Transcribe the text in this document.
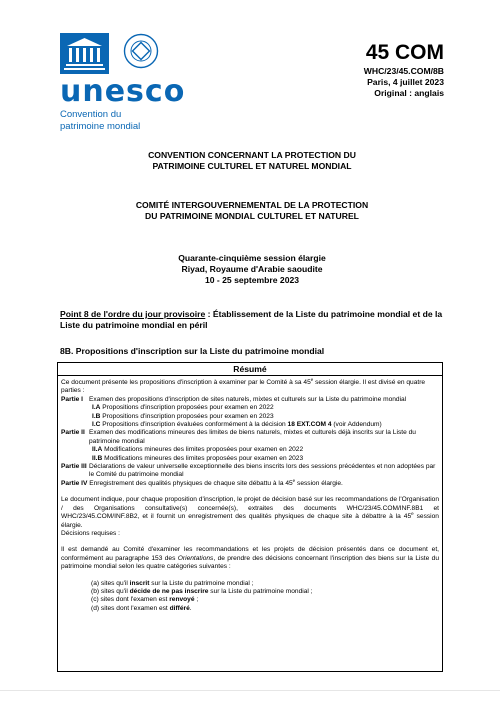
unesco
Convention du
patrimoine mondial
45 COM
WHC/23/45.COM/8B
Paris, 4 juillet 2023
Original : anglais
CONVENTION CONCERNANT LA PROTECTION DU
PATRIMOINE CULTUREL ET NATUREL MONDIAL
COMITÉ INTERGOUVERNEMENTAL DE LA PROTECTION
DU PATRIMOINE MONDIAL CULTUREL ET NATUREL
Quarante-cinquième session élargie
Riyad, Royaume d'Arabie saoudite
10 - 25 septembre 2023
Point 8 de l'ordre du jour provisoire : Établissement de la Liste du patrimoine mondial et de la Liste du patrimoine mondial en péril
8B. Propositions d'inscription sur la Liste du patrimoine mondial
Résumé
Ce document présente les propositions d'inscription à examiner par le Comité à sa 45e session élargie. Il est divisé en quatre parties :
Partie I Examen des propositions d'inscription de sites naturels, mixtes et culturels sur la Liste du patrimoine mondial
I.A Propositions d'inscription proposées pour examen en 2022
I.B Propositions d'inscription proposées pour examen en 2023
I.C Propositions d'inscription évaluées conformément à la décision 18 EXT.COM 4 (voir Addendum)
Partie II Examen des modifications mineures des limites de biens naturels, mixtes et culturels déjà inscrits sur la Liste du patrimoine mondial
II.A Modifications mineures des limites proposées pour examen en 2022
II.B Modifications mineures des limites proposées pour examen en 2023
Partie III Déclarations de valeur universelle exceptionnelle des biens inscrits lors des sessions précédentes et non adoptées par le Comité du patrimoine mondial
Partie IV Enregistrement des qualités physiques de chaque site débattu à la 45e session élargie.
Le document indique, pour chaque proposition d'inscription, le projet de décision basé sur les recommandations de l'Organisation / des Organisations consultative(s) concernée(s), extraites des documents WHC/23/45.COM/INF.8B1 et WHC/23/45.COM/INF.8B2, et il fournit un enregistrement des qualités physiques de chaque site à débattre à la 45e session élargie.
Décisions requises :
Il est demandé au Comité d'examiner les recommandations et les projets de décision présentés dans ce document et, conformément au paragraphe 153 des Orientations, de prendre des décisions concernant l'inscription des biens sur la Liste du patrimoine mondial selon les quatre catégories suivantes :
(a) sites qu'il inscrit sur la Liste du patrimoine mondial ;
(b) sites qu'il décide de ne pas inscrire sur la Liste du patrimoine mondial ;
(c) sites dont l'examen est renvoyé ;
(d) sites dont l'examen est différé.
